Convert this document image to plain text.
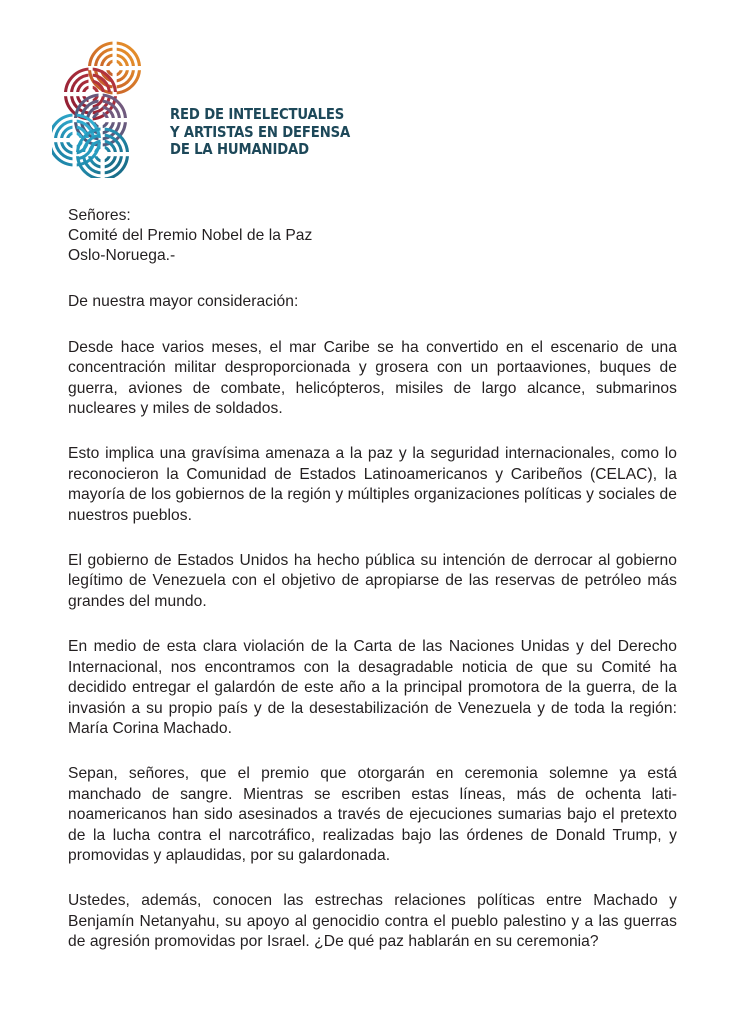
RED DE INTELECTUALES
Y ARTISTAS EN DEFENSA
DE LA HUMANIDAD
Señores:
Comité del Premio Nobel de la Paz
Oslo-Noruega.-

De nuestra mayor consideración:

Desde hace varios meses, el mar Caribe se ha convertido en el escenario de una concentración militar desproporcionada y grosera con un portaaviones, buques de guerra, aviones de combate, helicópteros, misiles de largo alcance, submarinos nucleares y miles de soldados.

Esto implica una gravísima amenaza a la paz y la seguridad internacionales, como lo reconocieron la Comunidad de Estados Latinoamericanos y Caribeños (CELAC), la mayoría de los gobiernos de la región y múltiples organizaciones políticas y sociales de nuestros pueblos.

El gobierno de Estados Unidos ha hecho pública su intención de derrocar al gobierno legítimo de Venezuela con el objetivo de apropiarse de las reservas de petróleo más grandes del mundo.

En medio de esta clara violación de la Carta de las Naciones Unidas y del Derecho Internacional, nos encontramos con la desagradable noticia de que su Comité ha decidido entregar el galardón de este año a la principal promotora de la guerra, de la invasión a su propio país y de la desestabilización de Venezuela y de toda la región: María Corina Machado.

Sepan, señores, que el premio que otorgarán en ceremonia solemne ya está manchado de sangre. Mientras se escriben estas líneas, más de ochenta latinoamericanos han sido asesinados a través de ejecuciones sumarias bajo el pretexto de la lucha contra el narcotráfico, realizadas bajo las órdenes de Donald Trump, y promovidas y aplaudidas, por su galardonada.

Ustedes, además, conocen las estrechas relaciones políticas entre Machado y Benjamín Netanyahu, su apoyo al genocidio contra el pueblo palestino y a las guerras de agresión promovidas por Israel. ¿De qué paz hablarán en su ceremonia?
